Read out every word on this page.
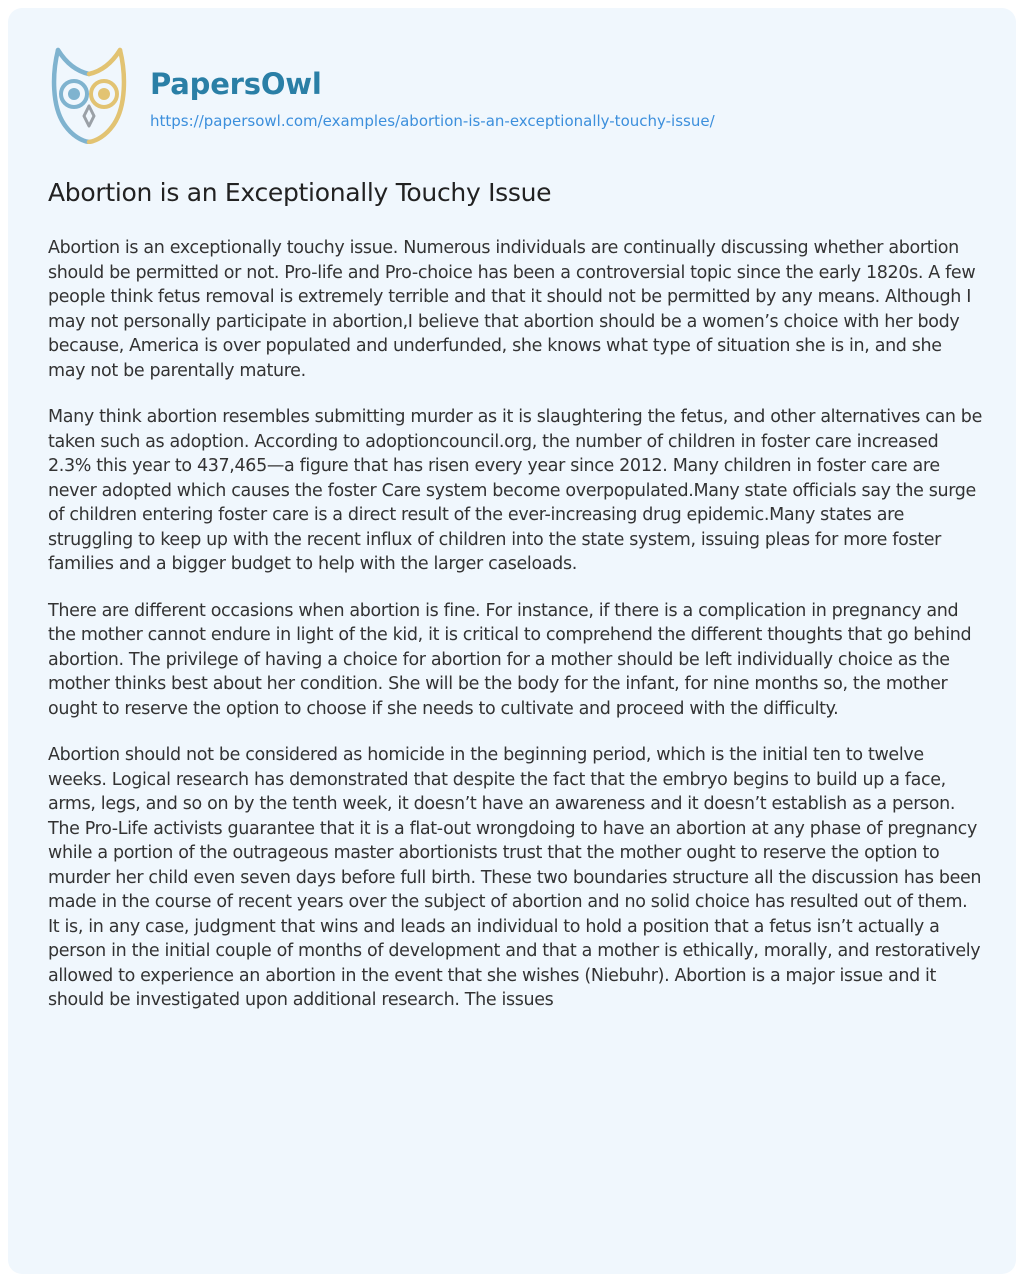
PapersOwl
https://papersowl.com/examples/abortion-is-an-exceptionally-touchy-issue/
Abortion is an Exceptionally Touchy Issue

Abortion is an exceptionally touchy issue. Numerous individuals are continually discussing whether abortion should be permitted or not. Pro-life and Pro-choice has been a controversial topic since the early 1820s. A few people think fetus removal is extremely terrible and that it should not be permitted by any means. Although I may not personally participate in abortion,I believe that abortion should be a women’s choice with her body because, America is over populated and underfunded, she knows what type of situation she is in, and she may not be parentally mature.

Many think abortion resembles submitting murder as it is slaughtering the fetus, and other alternatives can be taken such as adoption. According to adoptioncouncil.org, the number of children in foster care increased 2.3% this year to 437,465—a figure that has risen every year since 2012. Many children in foster care are never adopted which causes the foster Care system become overpopulated.Many state officials say the surge of children entering foster care is a direct result of the ever-increasing drug epidemic.Many states are struggling to keep up with the recent influx of children into the state system, issuing pleas for more foster families and a bigger budget to help with the larger caseloads.

There are different occasions when abortion is fine. For instance, if there is a complication in pregnancy and the mother cannot endure in light of the kid, it is critical to comprehend the different thoughts that go behind abortion. The privilege of having a choice for abortion for a mother should be left individually choice as the mother thinks best about her condition. She will be the body for the infant, for nine months so, the mother ought to reserve the option to choose if she needs to cultivate and proceed with the difficulty.

Abortion should not be considered as homicide in the beginning period, which is the initial ten to twelve weeks. Logical research has demonstrated that despite the fact that the embryo begins to build up a face, arms, legs, and so on by the tenth week, it doesn’t have an awareness and it doesn’t establish as a person. The Pro-Life activists guarantee that it is a flat-out wrongdoing to have an abortion at any phase of pregnancy while a portion of the outrageous master abortionists trust that the mother ought to reserve the option to murder her child even seven days before full birth. These two boundaries structure all the discussion has been made in the course of recent years over the subject of abortion and no solid choice has resulted out of them. It is, in any case, judgment that wins and leads an individual to hold a position that a fetus isn’t actually a person in the initial couple of months of development and that a mother is ethically, morally, and restoratively allowed to experience an abortion in the event that she wishes (Niebuhr). Abortion is a major issue and it should be investigated upon additional research. The issues
